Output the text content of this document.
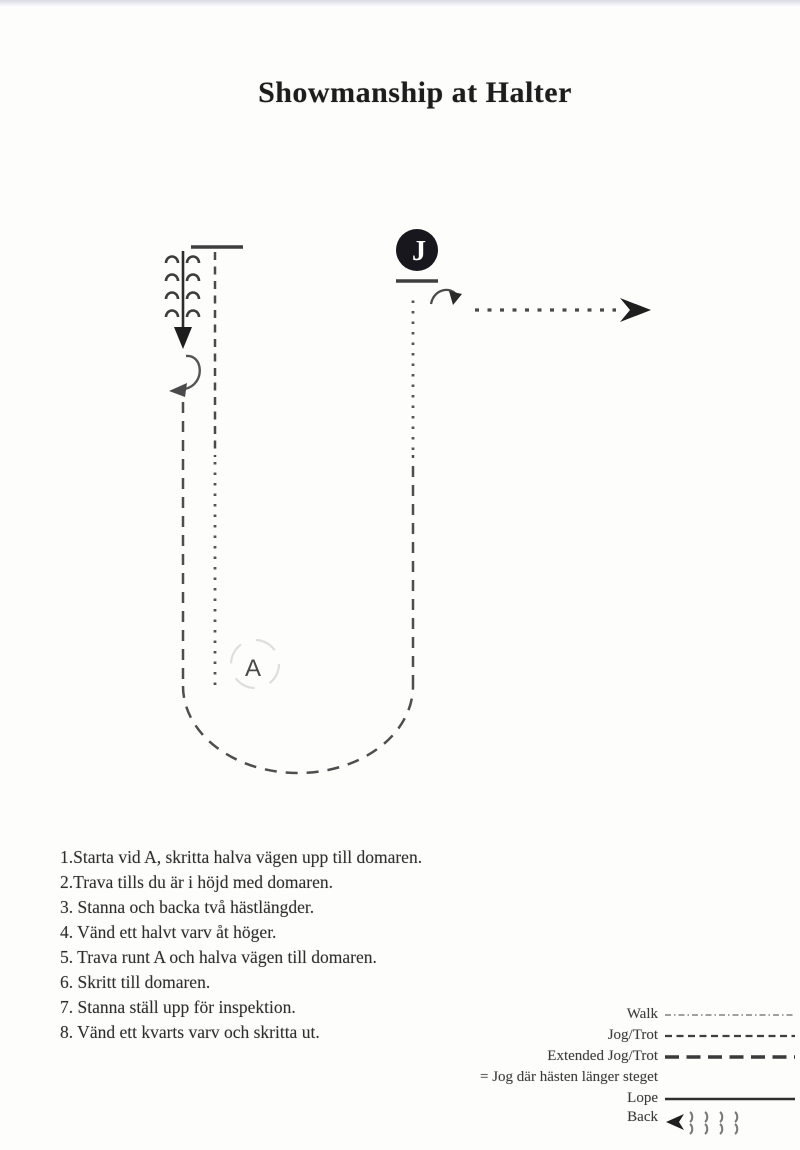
Showmanship at Halter
J
A
1.Starta vid A, skritta halva vägen upp till domaren.
2.Trava tills du är i höjd med domaren.
3. Stanna och backa två hästlängder.
4. Vänd ett halvt varv åt höger.
5. Trava runt A och halva vägen till domaren.
6. Skritt till domaren.
7. Stanna ställ upp för inspektion.
8. Vänd ett kvarts varv och skritta ut.
Walk
Jog/Trot
Extended Jog/Trot
= Jog där hästen länger steget
Lope
Back
